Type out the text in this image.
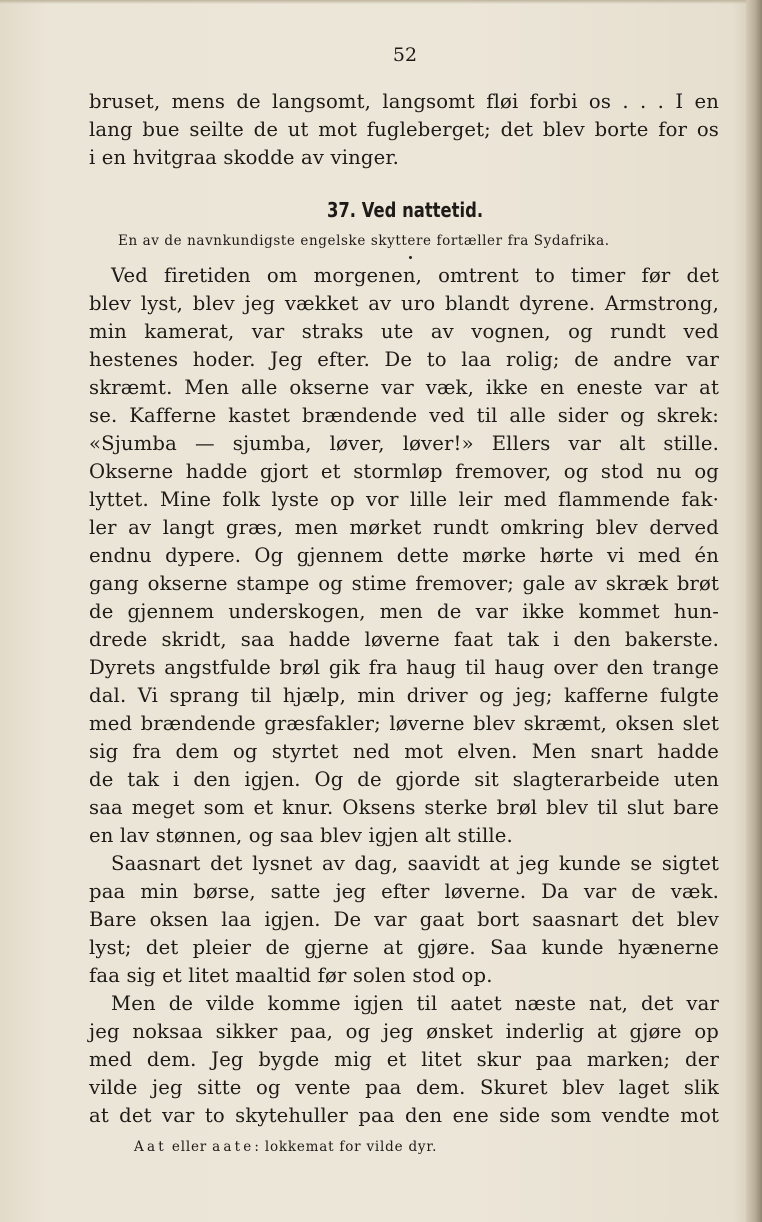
52
bruset, mens de langsomt, langsomt fløi forbi os . . . I en
lang bue seilte de ut mot fugleberget; det blev borte for os
i en hvitgraa skodde av vinger.
37. Ved nattetid.
En av de navnkundigste engelske skyttere fortæller fra Sydafrika.
Ved firetiden om morgenen, omtrent to timer før det
blev lyst, blev jeg vækket av uro blandt dyrene. Armstrong,
min kamerat, var straks ute av vognen, og rundt ved
hestenes hoder. Jeg efter. De to laa rolig; de andre var
skræmt. Men alle okserne var væk, ikke en eneste var at
se. Kafferne kastet brændende ved til alle sider og skrek:
«Sjumba — sjumba, løver, løver!» Ellers var alt stille.
Okserne hadde gjort et stormløp fremover, og stod nu og
lyttet. Mine folk lyste op vor lille leir med flammende fak·
ler av langt græs, men mørket rundt omkring blev derved
endnu dypere. Og gjennem dette mørke hørte vi med én
gang okserne stampe og stime fremover; gale av skræk brøt
de gjennem underskogen, men de var ikke kommet hun-
drede skridt, saa hadde løverne faat tak i den bakerste.
Dyrets angstfulde brøl gik fra haug til haug over den trange
dal. Vi sprang til hjælp, min driver og jeg; kafferne fulgte
med brændende græsfakler; løverne blev skræmt, oksen slet
sig fra dem og styrtet ned mot elven. Men snart hadde
de tak i den igjen. Og de gjorde sit slagterarbeide uten
saa meget som et knur. Oksens sterke brøl blev til slut bare
en lav stønnen, og saa blev igjen alt stille.
Saasnart det lysnet av dag, saavidt at jeg kunde se sigtet
paa min børse, satte jeg efter løverne. Da var de væk.
Bare oksen laa igjen. De var gaat bort saasnart det blev
lyst; det pleier de gjerne at gjøre. Saa kunde hyænerne
faa sig et litet maaltid før solen stod op.
Men de vilde komme igjen til aatet næste nat, det var
jeg noksaa sikker paa, og jeg ønsket inderlig at gjøre op
med dem. Jeg bygde mig et litet skur paa marken; der
vilde jeg sitte og vente paa dem. Skuret blev laget slik
at det var to skytehuller paa den ene side som vendte mot
Aat eller aate: lokkemat for vilde dyr.
